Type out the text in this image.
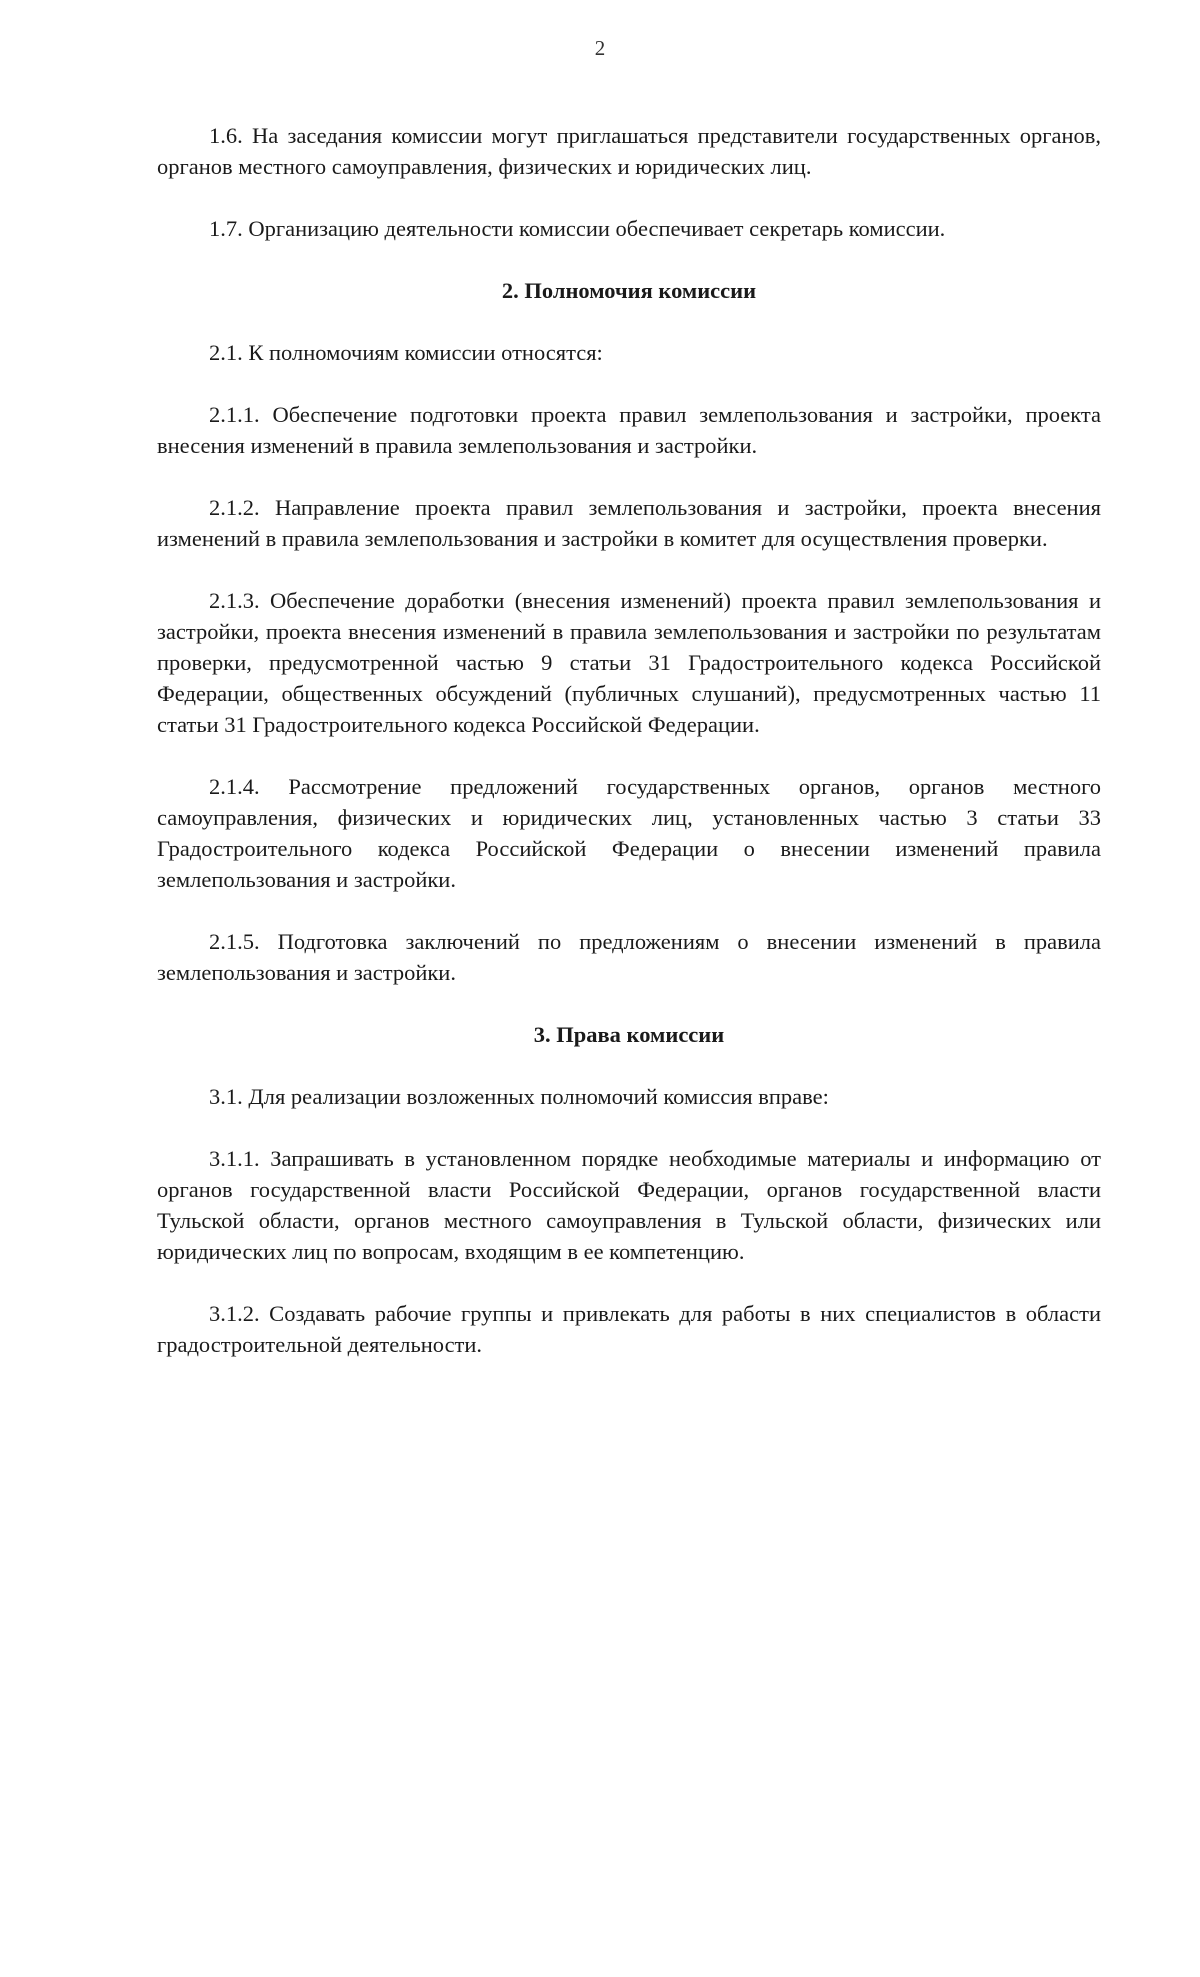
2

1.6. На заседания комиссии могут приглашаться представители государственных органов, органов местного самоуправления, физических и юридических лиц.

1.7. Организацию деятельности комиссии обеспечивает секретарь комиссии.

2. Полномочия комиссии

2.1. К полномочиям комиссии относятся:

2.1.1. Обеспечение подготовки проекта правил землепользования и застройки, проекта внесения изменений в правила землепользования и застройки.

2.1.2. Направление проекта правил землепользования и застройки, проекта внесения изменений в правила землепользования и застройки в комитет для осуществления проверки.

2.1.3. Обеспечение доработки (внесения изменений) проекта правил землепользования и застройки, проекта внесения изменений в правила землепользования и застройки по результатам проверки, предусмотренной частью 9 статьи 31 Градостроительного кодекса Российской Федерации, общественных обсуждений (публичных слушаний), предусмотренных частью 11 статьи 31 Градостроительного кодекса Российской Федерации.

2.1.4. Рассмотрение предложений государственных органов, органов местного самоуправления, физических и юридических лиц, установленных частью 3 статьи 33 Градостроительного кодекса Российской Федерации о внесении изменений правила землепользования и застройки.

2.1.5. Подготовка заключений по предложениям о внесении изменений в правила землепользования и застройки.

3. Права комиссии

3.1. Для реализации возложенных полномочий комиссия вправе:

3.1.1. Запрашивать в установленном порядке необходимые материалы и информацию от органов государственной власти Российской Федерации, органов государственной власти Тульской области, органов местного самоуправления в Тульской области, физических или юридических лиц по вопросам, входящим в ее компетенцию.

3.1.2. Создавать рабочие группы и привлекать для работы в них специалистов в области градостроительной деятельности.
